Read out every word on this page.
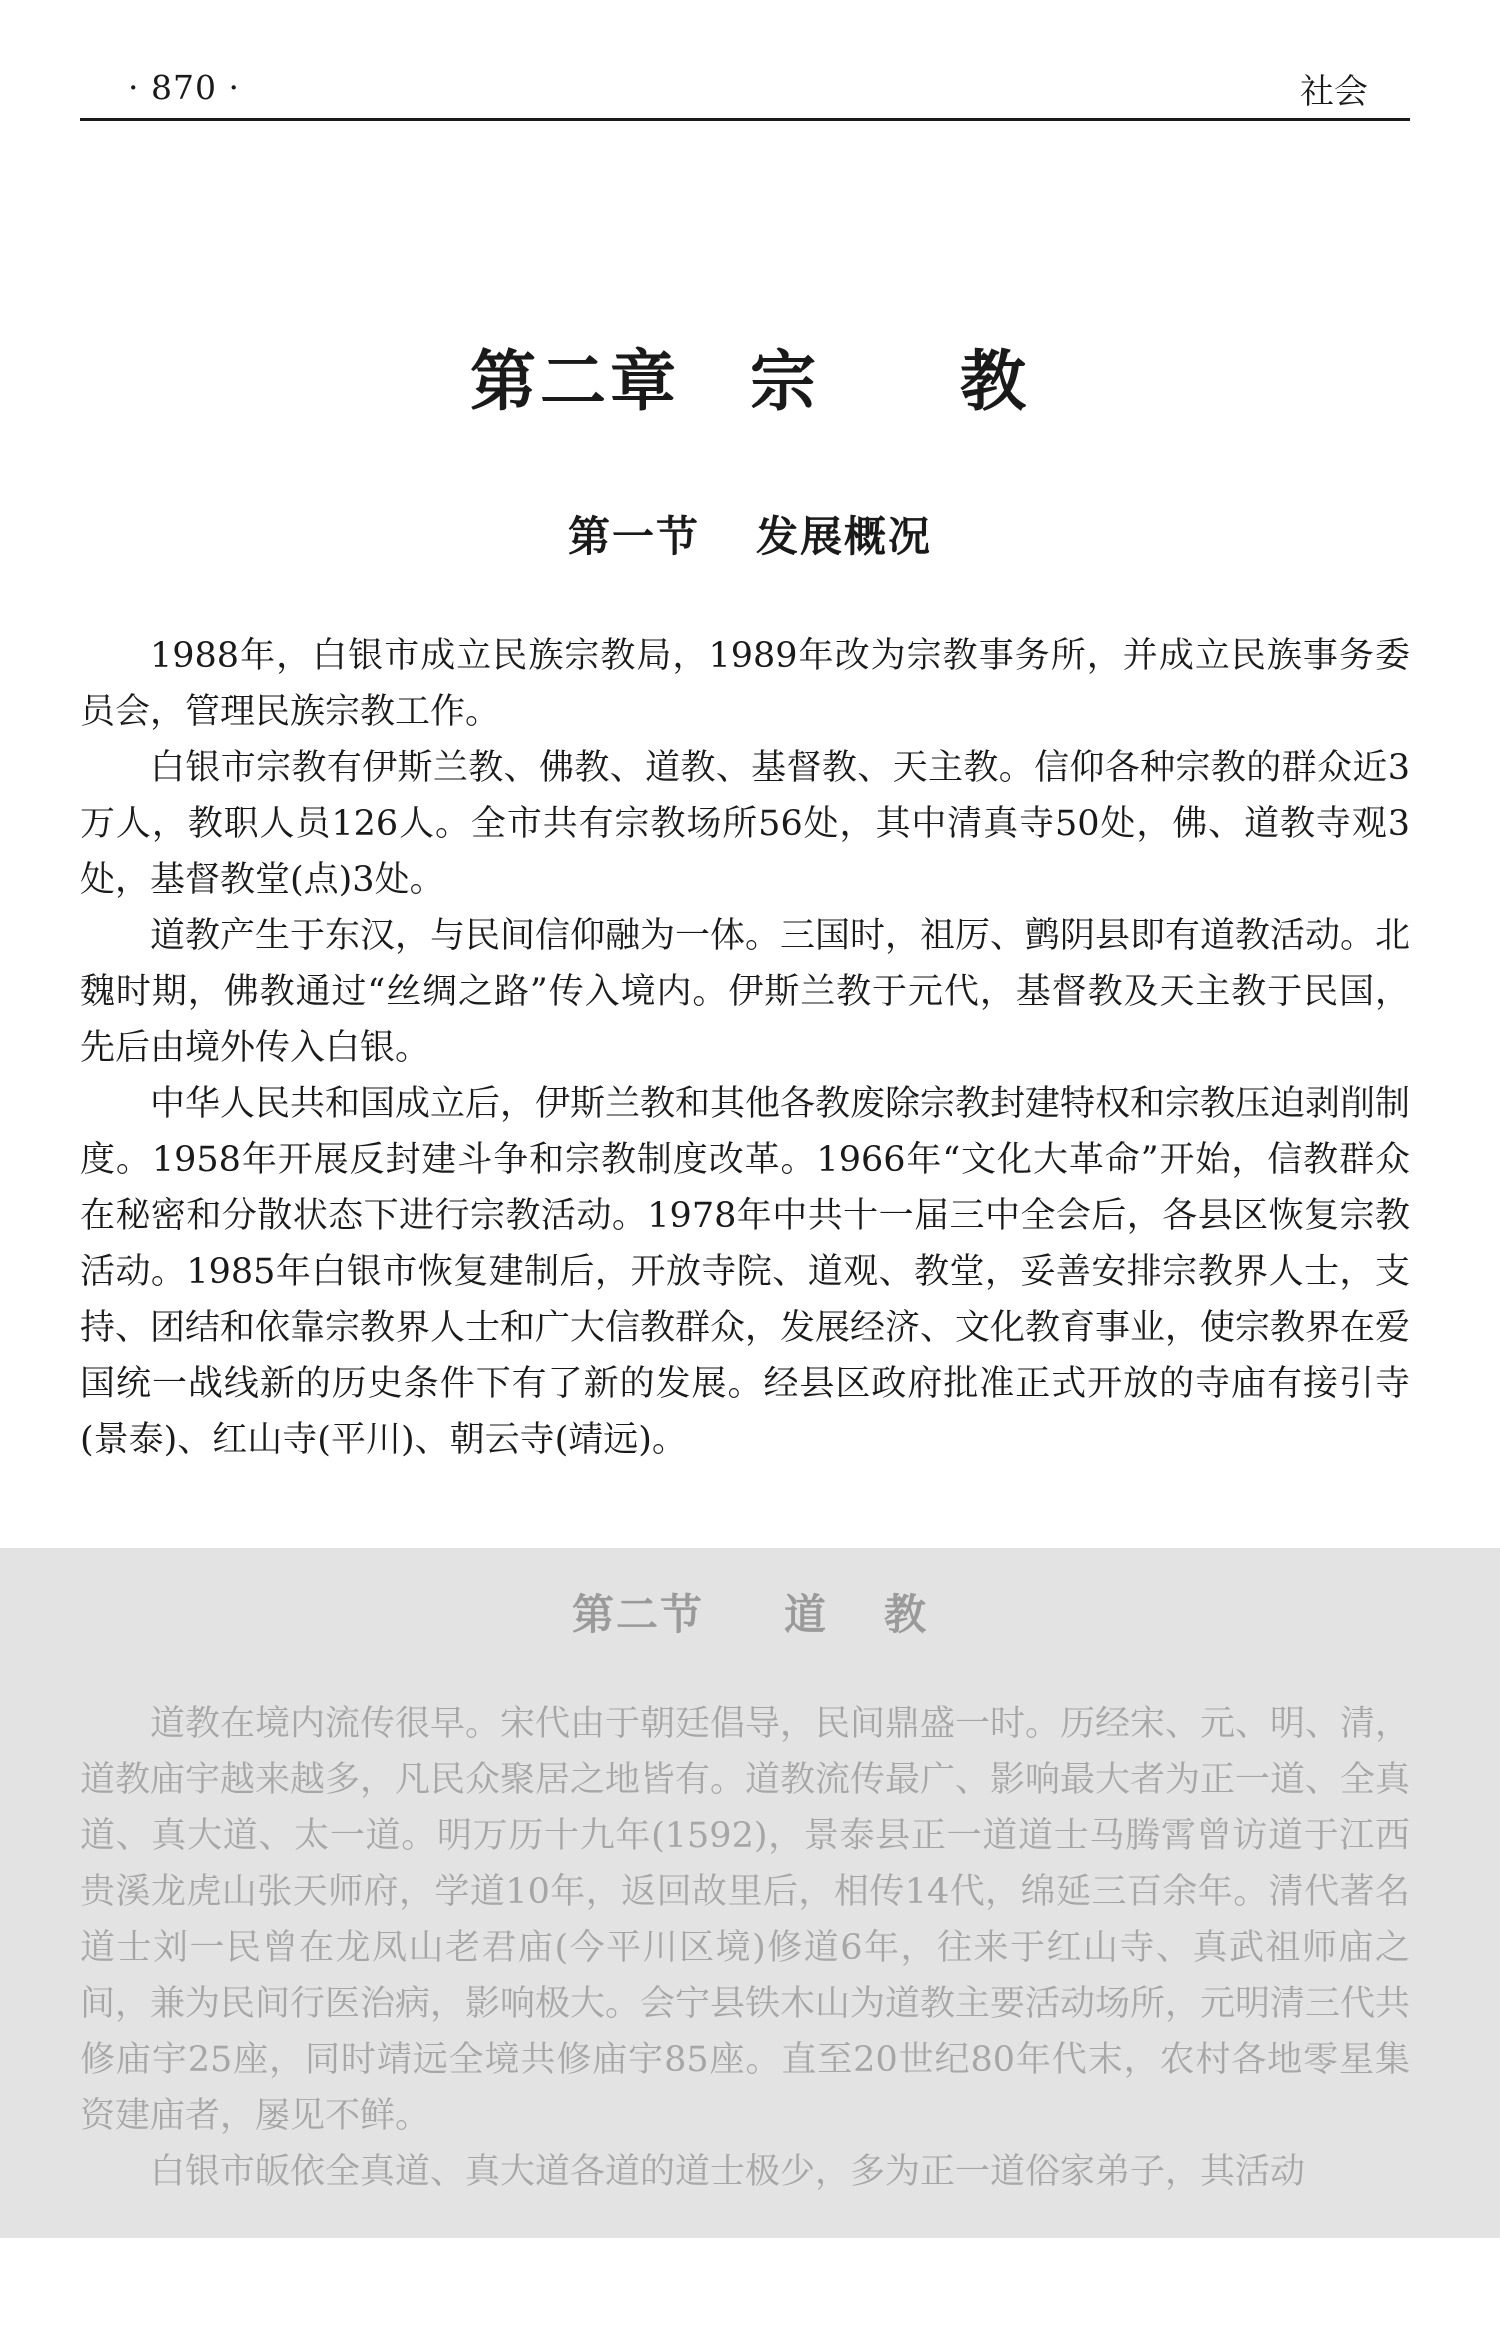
· 870 ·	社会
第二章 宗 教
第一节 发展概况

1988年，白银市成立民族宗教局，1989年改为宗教事务所，并成立民族事务委员会，管理民族宗教工作。

白银市宗教有伊斯兰教、佛教、道教、基督教、天主教。信仰各种宗教的群众近3万人，教职人员126人。全市共有宗教场所56处，其中清真寺50处，佛、道教寺观3处，基督教堂(点)3处。

道教产生于东汉，与民间信仰融为一体。三国时，祖厉、鹯阴县即有道教活动。北魏时期，佛教通过“丝绸之路”传入境内。伊斯兰教于元代，基督教及天主教于民国，先后由境外传入白银。

中华人民共和国成立后，伊斯兰教和其他各教废除宗教封建特权和宗教压迫剥削制度。1958年开展反封建斗争和宗教制度改革。1966年“文化大革命”开始，信教群众在秘密和分散状态下进行宗教活动。1978年中共十一届三中全会后，各县区恢复宗教活动。1985年白银市恢复建制后，开放寺院、道观、教堂，妥善安排宗教界人士，支持、团结和依靠宗教界人士和广大信教群众，发展经济、文化教育事业，使宗教界在爱国统一战线新的历史条件下有了新的发展。经县区政府批准正式开放的寺庙有接引寺(景泰)、红山寺(平川)、朝云寺(靖远)。

第二节 道 教

道教在境内流传很早。宋代由于朝廷倡导，民间鼎盛一时。历经宋、元、明、清，道教庙宇越来越多，凡民众聚居之地皆有。道教流传最广、影响最大者为正一道、全真道、真大道、太一道。明万历十九年(1592)，景泰县正一道道士马腾霄曾访道于江西贵溪龙虎山张天师府，学道10年，返回故里后，相传14代，绵延三百余年。清代著名道士刘一民曾在龙凤山老君庙(今平川区境)修道6年，往来于红山寺、真武祖师庙之间，兼为民间行医治病，影响极大。会宁县铁木山为道教主要活动场所，元明清三代共修庙宇25座，同时靖远全境共修庙宇85座。直至20世纪80年代末，农村各地零星集资建庙者，屡见不鲜。

白银市皈依全真道、真大道各道的道士极少，多为正一道俗家弟子，其活动
